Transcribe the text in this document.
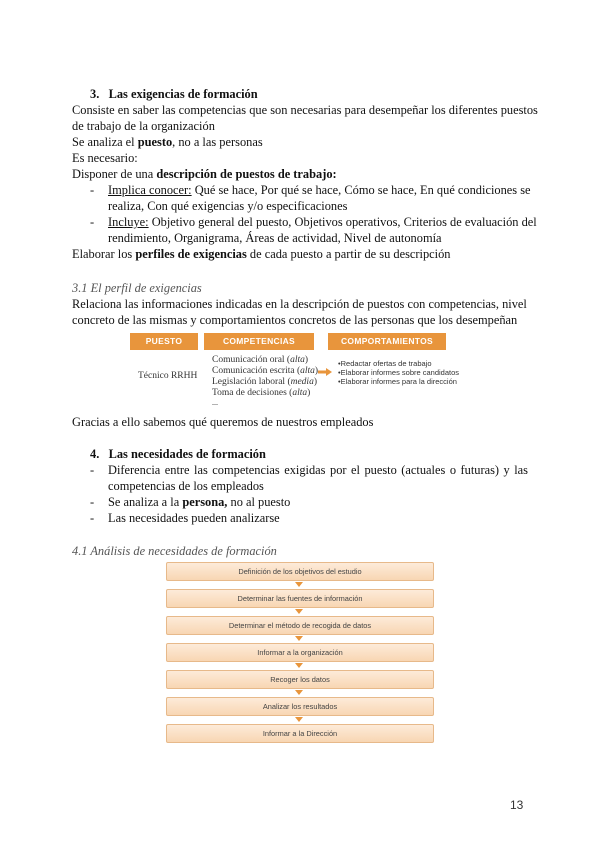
3. Las exigencias de formación
Consiste en saber las competencias que son necesarias para desempeñar los diferentes puestos
de trabajo de la organización
Se analiza el puesto, no a las personas
Es necesario:
Disponer de una descripción de puestos de trabajo:
- Implica conocer: Qué se hace, Por qué se hace, Cómo se hace, En qué condiciones se
realiza, Con qué exigencias y/o especificaciones
- Incluye: Objetivo general del puesto, Objetivos operativos, Criterios de evaluación del
rendimiento, Organigrama, Áreas de actividad, Nivel de autonomía
Elaborar los perfiles de exigencias de cada puesto a partir de su descripción
3.1 El perfil de exigencias
Relaciona las informaciones indicadas en la descripción de puestos con competencias, nivel
concreto de las mismas y comportamientos concretos de las personas que los desempeñan
PUESTO	COMPETENCIAS	COMPORTAMIENTOS
Técnico RRHH
Comunicación oral (alta)
Comunicación escrita (alta)
Legislación laboral (media)
Toma de decisiones (alta)
...
•Redactar ofertas de trabajo
•Elaborar informes sobre candidatos
•Elaborar informes para la dirección
Gracias a ello sabemos qué queremos de nuestros empleados
4. Las necesidades de formación
- Diferencia entre las competencias exigidas por el puesto (actuales o futuras) y las
competencias de los empleados
- Se analiza a la persona, no al puesto
- Las necesidades pueden analizarse
4.1 Análisis de necesidades de formación
Definición de los objetivos del estudio
Determinar las fuentes de información
Determinar el método de recogida de datos
Informar a la organización
Recoger los datos
Analizar los resultados
Informar a la Dirección
13
